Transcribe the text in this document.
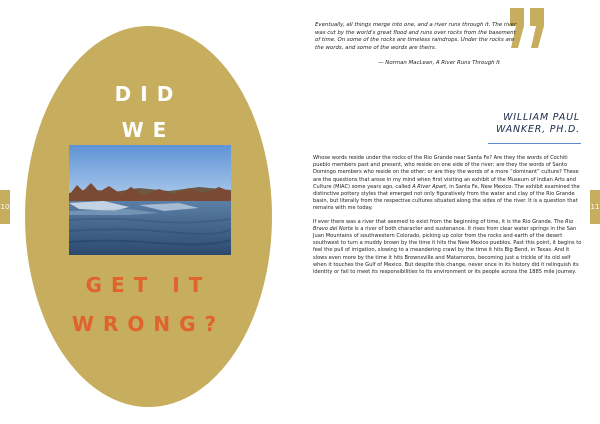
10
DID
WE
GET IT
WRONG?
Eventually, all things merge into one, and a river runs through it. The river was cut by the world's great flood and runs over rocks from the basement of time. On some of the rocks are timeless raindrops. Under the rocks are the words, and some of the words are theirs.
— Norman MacLean, A River Runs Through It
WILLIAM PAUL
WANKER, PH.D.

Whose words reside under the rocks of the Rio Grande near Santa Fe? Are they the words of Cochiti pueblo members past and present, who reside on one side of the river; are they the words of Santo Domingo members who reside on the other; or are they the words of a more “dominant” culture? These are the questions that arose in my mind when first visiting an exhibit of the Museum of Indian Arts and Culture (MIAC) some years ago, called A River Apart, in Santa Fe, New Mexico. The exhibit examined the distinctive pottery styles that emerged not only figuratively from the water and clay of the Rio Grande basin, but literally from the respective cultures situated along the sides of the river. It is a question that remains with me today.

If ever there was a river that seemed to exist from the beginning of time, it is the Rio Grande. The Rio Bravo del Norte is a river of both character and sustenance. It rises from clear water springs in the San Juan Mountains of southwestern Colorado, picking up color from the rocks and earth of the desert southwest to turn a muddy brown by the time it hits the New Mexico pueblos. Past this point, it begins to feel the pull of irrigation, slowing to a meandering crawl by the time it hits Big Bend, in Texas. And it slows even more by the time it hits Brownsville and Matamoros, becoming just a trickle of its old self when it touches the Gulf of Mexico. But despite this change, never once in its history did it relinquish its identity or fail to meet its responsibilities to its environment or its people across the 1885 mile journey.

11
